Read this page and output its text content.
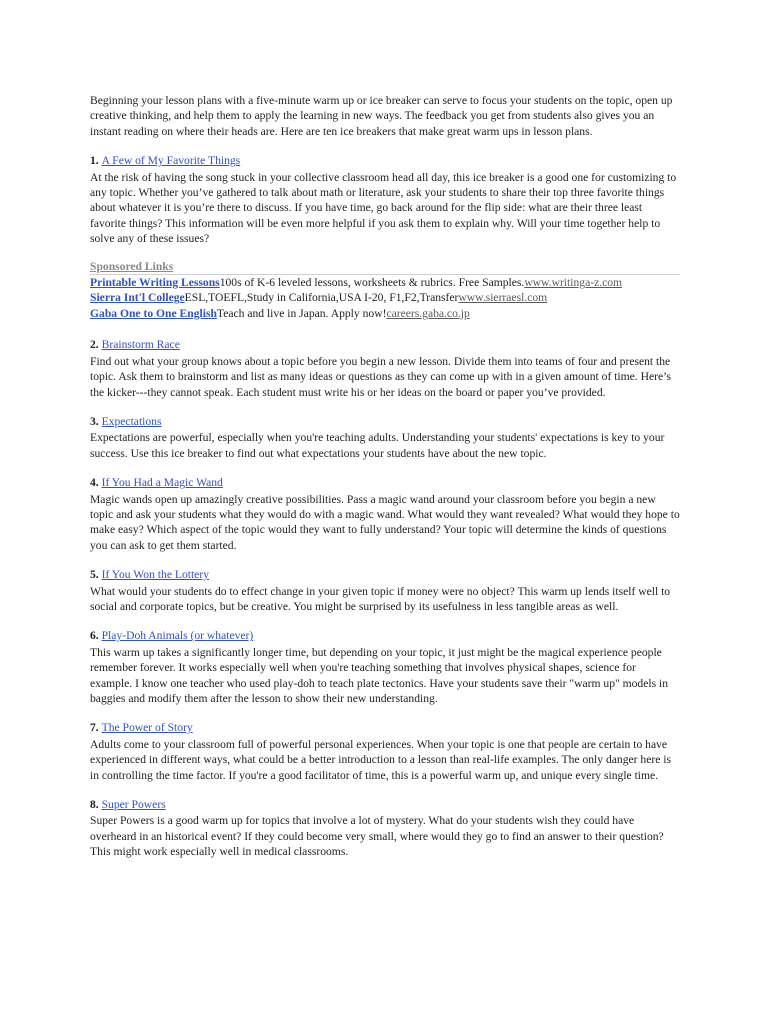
Beginning your lesson plans with a five-minute warm up or ice breaker can serve to focus your students on the topic, open up creative thinking, and help them to apply the learning in new ways. The feedback you get from students also gives you an instant reading on where their heads are. Here are ten ice breakers that make great warm ups in lesson plans.

1. A Few of My Favorite Things

At the risk of having the song stuck in your collective classroom head all day, this ice breaker is a good one for customizing to any topic. Whether you’ve gathered to talk about math or literature, ask your students to share their top three favorite things about whatever it is you’re there to discuss. If you have time, go back around for the flip side: what are their three least favorite things? This information will be even more helpful if you ask them to explain why. Will your time together help to solve any of these issues?

Sponsored Links
Printable Writing Lessons100s of K-6 leveled lessons, worksheets & rubrics. Free Samples.www.writinga-z.com
Sierra Int'l CollegeESL,TOEFL,Study in California,USA I-20, F1,F2,Transferwww.sierraesl.com
Gaba One to One EnglishTeach and live in Japan. Apply now!careers.gaba.co.jp

2. Brainstorm Race

Find out what your group knows about a topic before you begin a new lesson. Divide them into teams of four and present the topic. Ask them to brainstorm and list as many ideas or questions as they can come up with in a given amount of time. Here’s the kicker---they cannot speak. Each student must write his or her ideas on the board or paper you’ve provided.

3. Expectations

Expectations are powerful, especially when you're teaching adults. Understanding your students' expectations is key to your success. Use this ice breaker to find out what expectations your students have about the new topic.

4. If You Had a Magic Wand

Magic wands open up amazingly creative possibilities. Pass a magic wand around your classroom before you begin a new topic and ask your students what they would do with a magic wand. What would they want revealed? What would they hope to make easy? Which aspect of the topic would they want to fully understand? Your topic will determine the kinds of questions you can ask to get them started.

5. If You Won the Lottery

What would your students do to effect change in your given topic if money were no object? This warm up lends itself well to social and corporate topics, but be creative. You might be surprised by its usefulness in less tangible areas as well.

6. Play-Doh Animals (or whatever)

This warm up takes a significantly longer time, but depending on your topic, it just might be the magical experience people remember forever. It works especially well when you're teaching something that involves physical shapes, science for example. I know one teacher who used play-doh to teach plate tectonics. Have your students save their "warm up" models in baggies and modify them after the lesson to show their new understanding.

7. The Power of Story

Adults come to your classroom full of powerful personal experiences. When your topic is one that people are certain to have experienced in different ways, what could be a better introduction to a lesson than real-life examples. The only danger here is in controlling the time factor. If you're a good facilitator of time, this is a powerful warm up, and unique every single time.

8. Super Powers

Super Powers is a good warm up for topics that involve a lot of mystery. What do your students wish they could have overheard in an historical event? If they could become very small, where would they go to find an answer to their question? This might work especially well in medical classrooms.
